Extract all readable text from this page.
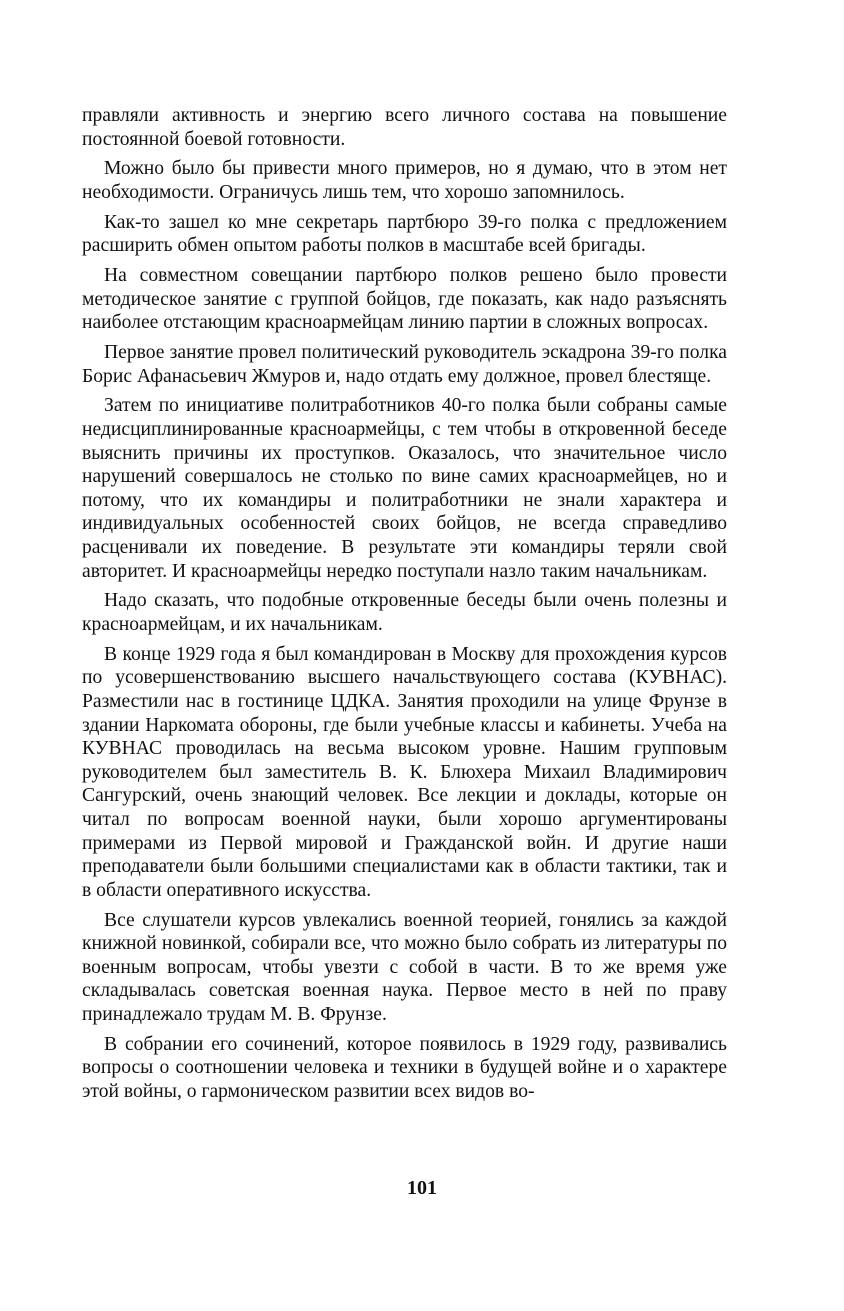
правляли активность и энергию всего личного состава на повышение постоянной боевой готовности.

Можно было бы привести много примеров, но я думаю, что в этом нет необходимости. Ограничусь лишь тем, что хорошо запомнилось.

Как-то зашел ко мне секретарь партбюро 39-го полка с предложением расширить обмен опытом работы полков в масштабе всей бригады.

На совместном совещании партбюро полков решено было провести методическое занятие с группой бойцов, где показать, как надо разъяснять наиболее отстающим красноармейцам линию партии в сложных вопросах.

Первое занятие провел политический руководитель эскадрона 39-го полка Борис Афанасьевич Жмуров и, надо отдать ему должное, провел блестяще.

Затем по инициативе политработников 40-го полка были собраны самые недисциплинированные красноармейцы, с тем чтобы в откровенной беседе выяснить причины их проступков. Оказалось, что значительное число нарушений совершалось не столько по вине самих красноармейцев, но и потому, что их командиры и политработники не знали характера и индивидуальных особенностей своих бойцов, не всегда справедливо расценивали их поведение. В результате эти командиры теряли свой авторитет. И красноармейцы нередко поступали назло таким начальникам.

Надо сказать, что подобные откровенные беседы были очень полезны и красноармейцам, и их начальникам.

В конце 1929 года я был командирован в Москву для прохождения курсов по усовершенствованию высшего начальствующего состава (КУВНАС). Разместили нас в гостинице ЦДКА. Занятия проходили на улице Фрунзе в здании Наркомата обороны, где были учебные классы и кабинеты. Учеба на КУВНАС проводилась на весьма высоком уровне. Нашим групповым руководителем был заместитель В. К. Блюхера Михаил Владимирович Сангурский, очень знающий человек. Все лекции и доклады, которые он читал по вопросам военной науки, были хорошо аргументированы примерами из Первой мировой и Гражданской войн. И другие наши преподаватели были большими специалистами как в области тактики, так и в области оперативного искусства.

Все слушатели курсов увлекались военной теорией, гонялись за каждой книжной новинкой, собирали все, что можно было собрать из литературы по военным вопросам, чтобы увезти с собой в части. В то же время уже складывалась советская военная наука. Первое место в ней по праву принадлежало трудам М. В. Фрунзе.

В собрании его сочинений, которое появилось в 1929 году, развивались вопросы о соотношении человека и техники в будущей войне и о характере этой войны, о гармоническом развитии всех видов во-

101
